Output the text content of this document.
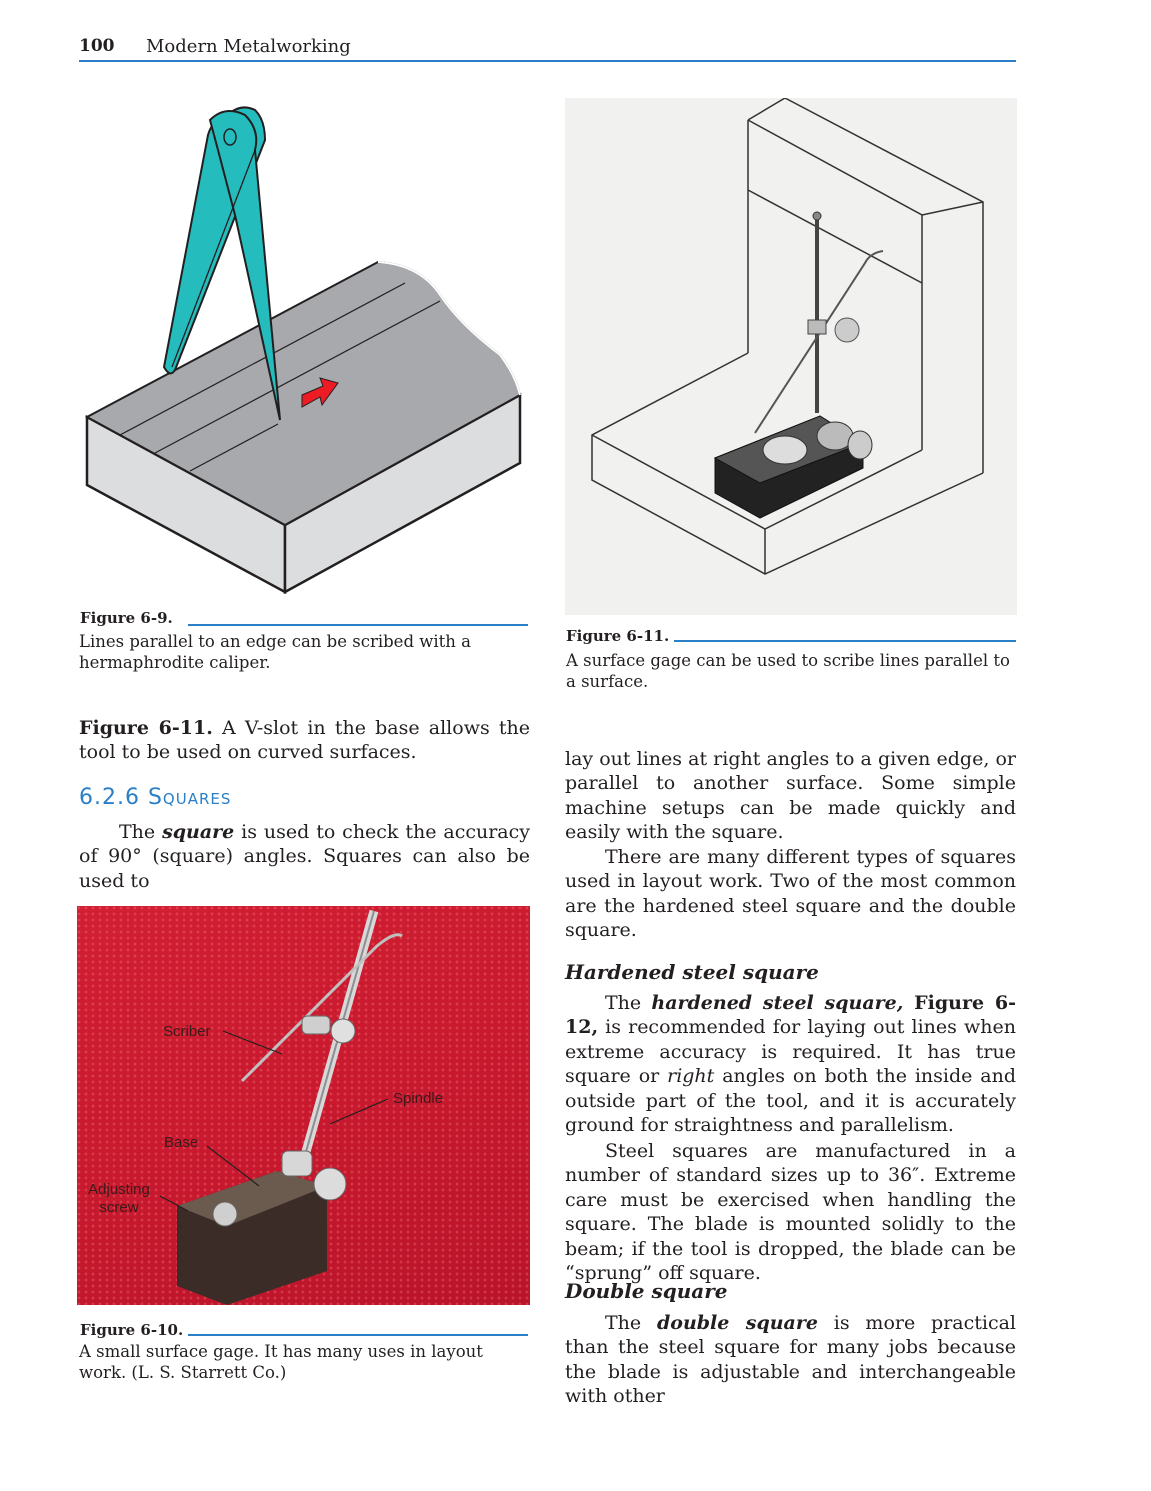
100 Modern Metalworking
Figure 6-9.
Lines parallel to an edge can be scribed with a hermaphrodite caliper.
Figure 6-11.
A surface gage can be used to scribe lines parallel to a surface.
Figure 6-11. A V-slot in the base allows the tool to be used on curved surfaces.
6.2.6 Squares
The square is used to check the accuracy of 90° (square) angles. Squares can also be used to
Scriber
Spindle
Base
Adjusting
screw
Figure 6-10.
A small surface gage. It has many uses in layout work. (L. S. Starrett Co.)
lay out lines at right angles to a given edge, or parallel to another surface. Some simple machine setups can be made quickly and easily with the square.
There are many different types of squares used in layout work. Two of the most common are the hardened steel square and the double square.
Hardened steel square
The hardened steel square, Figure 6-12, is recommended for laying out lines when extreme accuracy is required. It has true square or right angles on both the inside and outside part of the tool, and it is accurately ground for straightness and parallelism.
Steel squares are manufactured in a number of standard sizes up to 36″. Extreme care must be exercised when handling the square. The blade is mounted solidly to the beam; if the tool is dropped, the blade can be “sprung” off square.
Double square
The double square is more practical than the steel square for many jobs because the blade is adjustable and interchangeable with other
